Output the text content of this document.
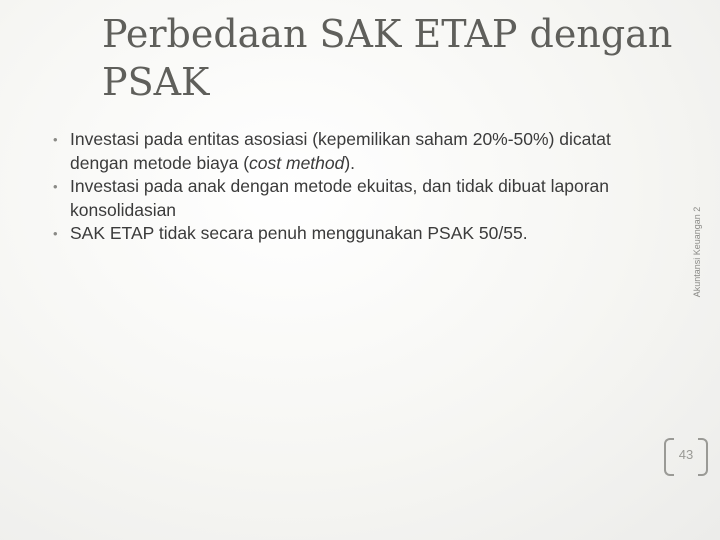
Perbedaan SAK ETAP dengan PSAK
• Investasi pada entitas asosiasi (kepemilikan saham 20%-50%) dicatat dengan metode biaya (cost method).
• Investasi pada anak dengan metode ekuitas, dan tidak dibuat laporan konsolidasian
• SAK ETAP tidak secara penuh menggunakan PSAK 50/55.	Akuntansi Keuangan 2
43
